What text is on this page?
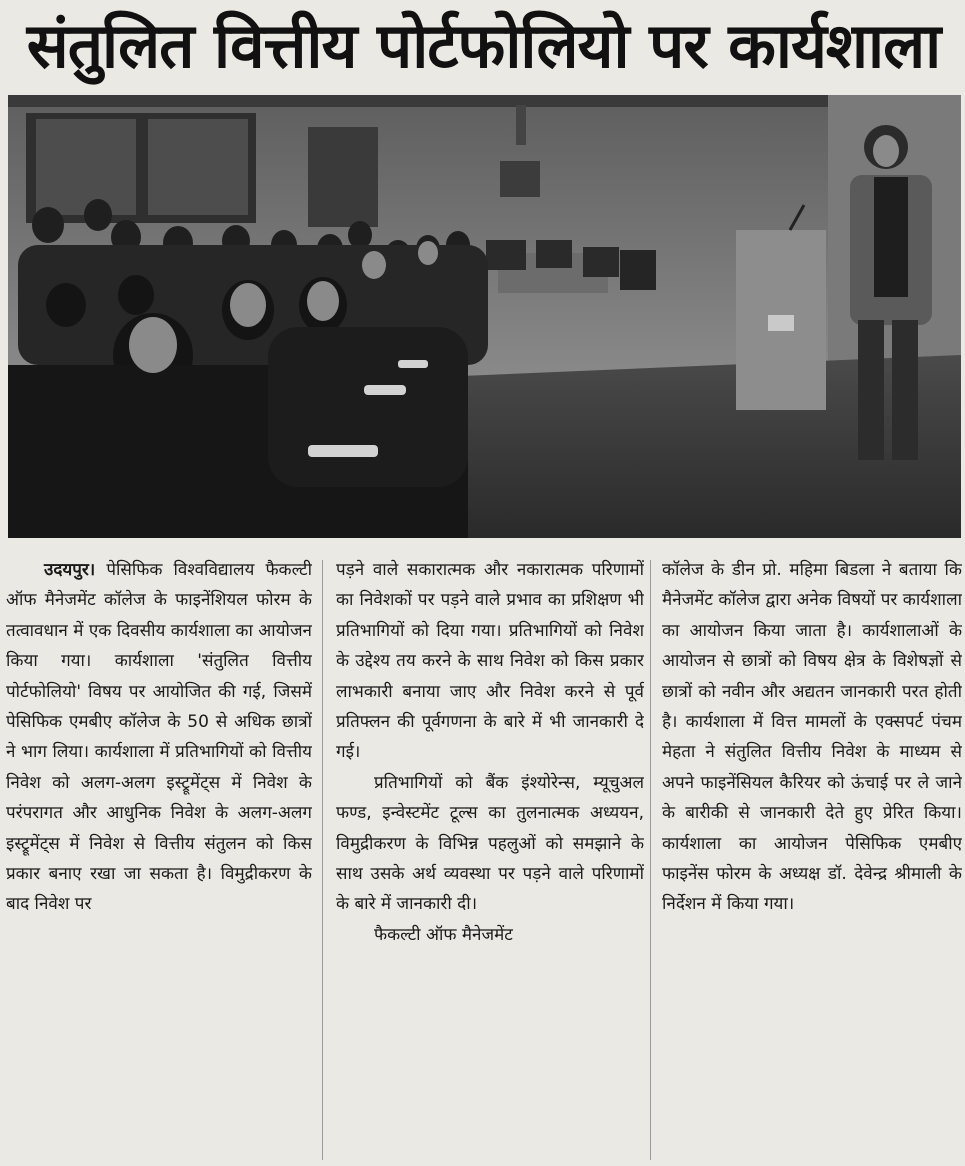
संतुलित वित्तीय पोर्टफोलियो पर कार्यशाला

उदयपुर। पेसिफिक विश्वविद्यालय फैकल्टी ऑफ मैनेजमेंट कॉलेज के फाइनेंशियल फोरम के तत्वावधान में एक दिवसीय कार्यशाला का आयोजन किया गया। कार्यशाला 'संतुलित वित्तीय पोर्टफोलियो' विषय पर आयोजित की गई, जिसमें पेसिफिक एमबीए कॉलेज के 50 से अधिक छात्रों ने भाग लिया। कार्यशाला में प्रतिभागियों को वित्तीय निवेश को अलग-अलग इस्ट्रूमेंट्स में निवेश के परंपरागत और आधुनिक निवेश के अलग-अलग इस्ट्रूमेंट्स में निवेश से वित्तीय संतुलन को किस प्रकार बनाए रखा जा सकता है। विमुद्रीकरण के बाद निवेश पर

पड़ने वाले सकारात्मक और नकारात्मक परिणामों का निवेशकों पर पड़ने वाले प्रभाव का प्रशिक्षण भी प्रतिभागियों को दिया गया। प्रतिभागियों को निवेश के उद्देश्य तय करने के साथ निवेश को किस प्रकार लाभकारी बनाया जाए और निवेश करने से पूर्व प्रतिफ्लन की पूर्वगणना के बारे में भी जानकारी दे गई।

प्रतिभागियों को बैंक इंश्योरेन्स, म्यूचुअल फण्ड, इन्वेस्टमेंट टूल्स का तुलनात्मक अध्ययन, विमुद्रीकरण के विभिन्न पहलुओं को समझाने के साथ उसके अर्थ व्यवस्था पर पड़ने वाले परिणामों के बारे में जानकारी दी।

फैकल्टी ऑफ मैनेजमेंट

कॉलेज के डीन प्रो. महिमा बिडला ने बताया कि मैनेजमेंट कॉलेज द्वारा अनेक विषयों पर कार्यशाला का आयोजन किया जाता है। कार्यशालाओं के आयोजन से छात्रों को विषय क्षेत्र के विशेषज्ञों से छात्रों को नवीन और अद्यतन जानकारी परत होती है। कार्यशाला में वित्त मामलों के एक्सपर्ट पंचम मेहता ने संतुलित वित्तीय निवेश के माध्यम से अपने फाइनेंसियल कैरियर को ऊंचाई पर ले जाने के बारीकी से जानकारी देते हुए प्रेरित किया। कार्यशाला का आयोजन पेसिफिक एमबीए फाइनेंस फोरम के अध्यक्ष डॉ. देवेन्द्र श्रीमाली के निर्देशन में किया गया।
